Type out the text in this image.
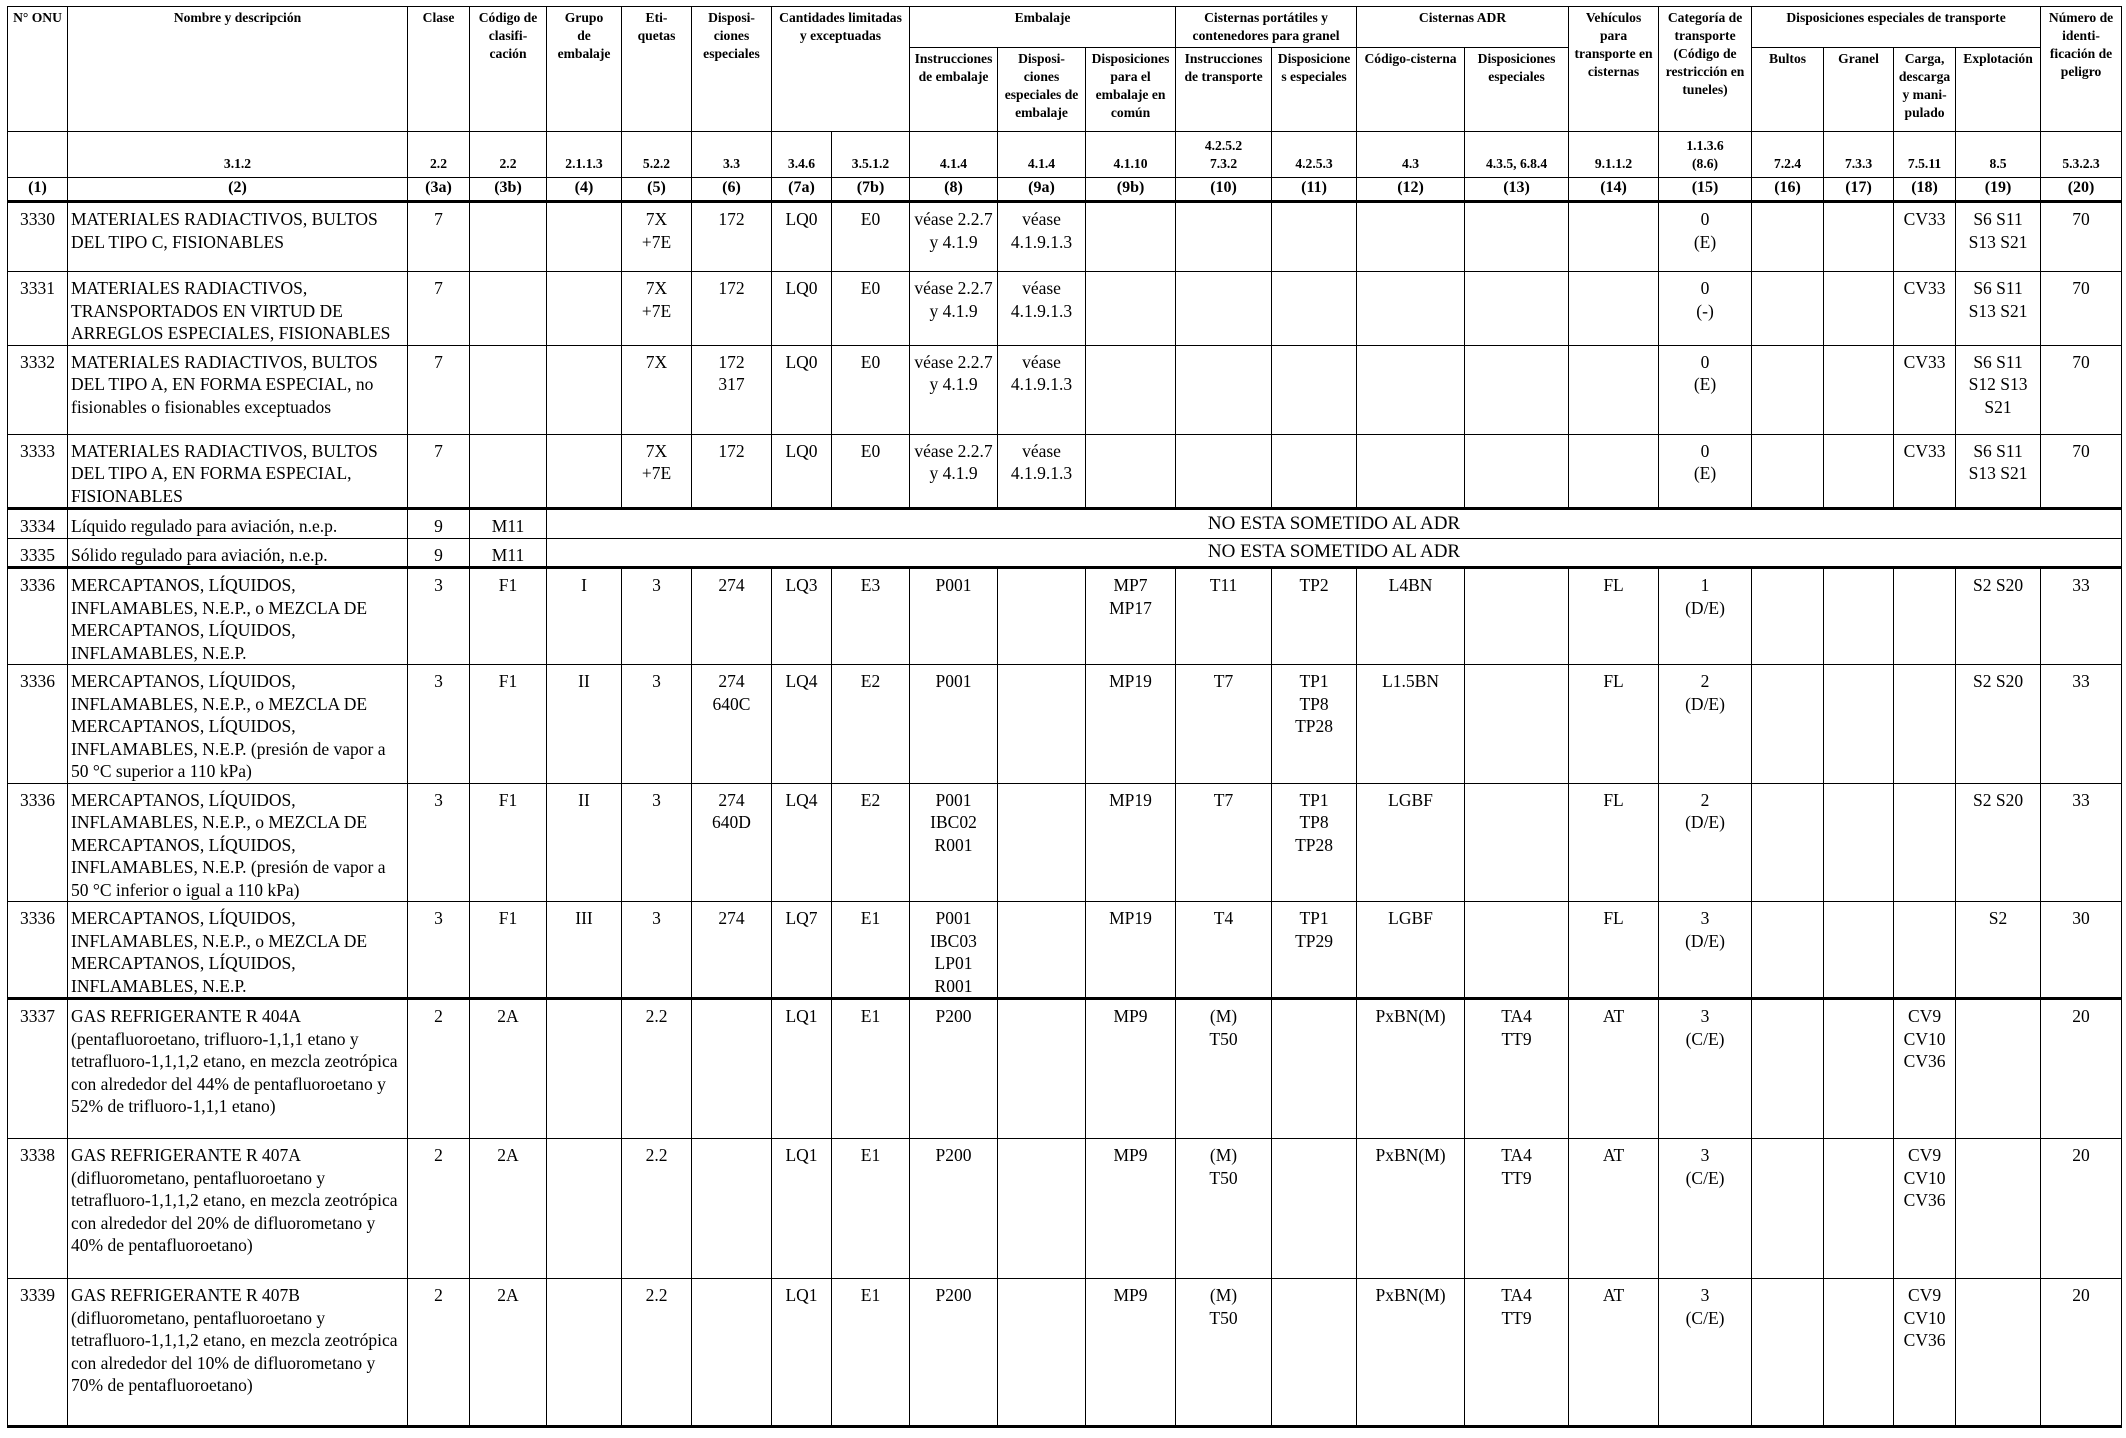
N° ONU	Nombre y descripción	Clase	Código de
clasifi-
cación	Grupo
de
embalaje	Eti-
quetas	Disposi-
ciones
especiales	Cantidades limitadas
y exceptuadas		Embalaje			Cisternas portátiles y
contenedores para granel		Cisternas ADR		Vehículos
para
transporte en
cisternas	Categoría de
transporte
(Código de
restricción en
tuneles)	Disposiciones especiales de transporte				Número de
identi-
ficación de
peligro
									Instrucciones
de embalaje	Disposi-
ciones
especiales de
embalaje	Disposiciones
para el
embalaje en
común	Instrucciones
de transporte	Disposicione
s especiales	Código-cisterna	Disposiciones
especiales			Bultos	Granel	Carga,
descarga
y mani-
pulado	Explotación	
	3.1.2	2.2	2.2	2.1.1.3	5.2.2	3.3	3.4.6	3.5.1.2	4.1.4	4.1.4	4.1.10	4.2.5.2
7.3.2	4.2.5.3	4.3	4.3.5, 6.8.4	9.1.1.2	1.1.3.6
(8.6)	7.2.4	7.3.3	7.5.11	8.5	5.3.2.3
(1)	(2)	(3a)	(3b)	(4)	(5)	(6)	(7a)	(7b)	(8)	(9a)	(9b)	(10)	(11)	(12)	(13)	(14)	(15)	(16)	(17)	(18)	(19)	(20)
3330	MATERIALES RADIACTIVOS, BULTOS DEL TIPO C, FISIONABLES	7			7X
+7E	172	LQ0	E0	véase 2.2.7
y 4.1.9	véase
4.1.9.1.3							0
(E)			CV33	S6 S11
S13 S21	70
3331	MATERIALES RADIACTIVOS, TRANSPORTADOS EN VIRTUD DE ARREGLOS ESPECIALES, FISIONABLES	7			7X
+7E	172	LQ0	E0	véase 2.2.7
y 4.1.9	véase
4.1.9.1.3							0
(-)			CV33	S6 S11
S13 S21	70
3332	MATERIALES RADIACTIVOS, BULTOS DEL TIPO A, EN FORMA ESPECIAL, no fisionables o fisionables exceptuados	7			7X	172
317	LQ0	E0	véase 2.2.7
y 4.1.9	véase
4.1.9.1.3							0
(E)			CV33	S6 S11
S12 S13
S21	70
3333	MATERIALES RADIACTIVOS, BULTOS DEL TIPO A, EN FORMA ESPECIAL, FISIONABLES	7			7X
+7E	172	LQ0	E0	véase 2.2.7
y 4.1.9	véase
4.1.9.1.3							0
(E)			CV33	S6 S11
S13 S21	70
3334	Líquido regulado para aviación, n.e.p.	9	M11	NO ESTA SOMETIDO AL ADR																		
3335	Sólido regulado para aviación, n.e.p.	9	M11	NO ESTA SOMETIDO AL ADR																		
3336	MERCAPTANOS, LÍQUIDOS, INFLAMABLES, N.E.P., o MEZCLA DE MERCAPTANOS, LÍQUIDOS, INFLAMABLES, N.E.P.	3	F1	I	3	274	LQ3	E3	P001		MP7
MP17	T11	TP2	L4BN		FL	1
(D/E)				S2 S20	33
3336	MERCAPTANOS, LÍQUIDOS, INFLAMABLES, N.E.P., o MEZCLA DE MERCAPTANOS, LÍQUIDOS, INFLAMABLES, N.E.P. (presión de vapor a 50 °C superior a 110 kPa)	3	F1	II	3	274
640C	LQ4	E2	P001		MP19	T7	TP1
TP8
TP28	L1.5BN		FL	2
(D/E)				S2 S20	33
3336	MERCAPTANOS, LÍQUIDOS, INFLAMABLES, N.E.P., o MEZCLA DE MERCAPTANOS, LÍQUIDOS, INFLAMABLES, N.E.P. (presión de vapor a 50 °C inferior o igual a 110 kPa)	3	F1	II	3	274
640D	LQ4	E2	P001
IBC02
R001		MP19	T7	TP1
TP8
TP28	LGBF		FL	2
(D/E)				S2 S20	33
3336	MERCAPTANOS, LÍQUIDOS, INFLAMABLES, N.E.P., o MEZCLA DE MERCAPTANOS, LÍQUIDOS, INFLAMABLES, N.E.P.	3	F1	III	3	274	LQ7	E1	P001
IBC03
LP01
R001		MP19	T4	TP1
TP29	LGBF		FL	3
(D/E)				S2	30
3337	GAS REFRIGERANTE R 404A (pentafluoroetano, trifluoro-1,1,1 etano y tetrafluoro-1,1,1,2 etano, en mezcla zeotrópica con alrededor del 44% de pentafluoroetano y 52% de trifluoro-1,1,1 etano)	2	2A		2.2		LQ1	E1	P200		MP9	(M)
T50		PxBN(M)	TA4
TT9	AT	3
(C/E)			CV9
CV10
CV36		20
3338	GAS REFRIGERANTE R 407A (difluorometano, pentafluoroetano y tetrafluoro-1,1,1,2 etano, en mezcla zeotrópica con alrededor del 20% de difluorometano y 40% de pentafluoroetano)	2	2A		2.2		LQ1	E1	P200		MP9	(M)
T50		PxBN(M)	TA4
TT9	AT	3
(C/E)			CV9
CV10
CV36		20
3339	GAS REFRIGERANTE R 407B (difluorometano, pentafluoroetano y tetrafluoro-1,1,1,2 etano, en mezcla zeotrópica con alrededor del 10% de difluorometano y 70% de pentafluoroetano)	2	2A		2.2		LQ1	E1	P200		MP9	(M)
T50		PxBN(M)	TA4
TT9	AT	3
(C/E)			CV9
CV10
CV36		20
